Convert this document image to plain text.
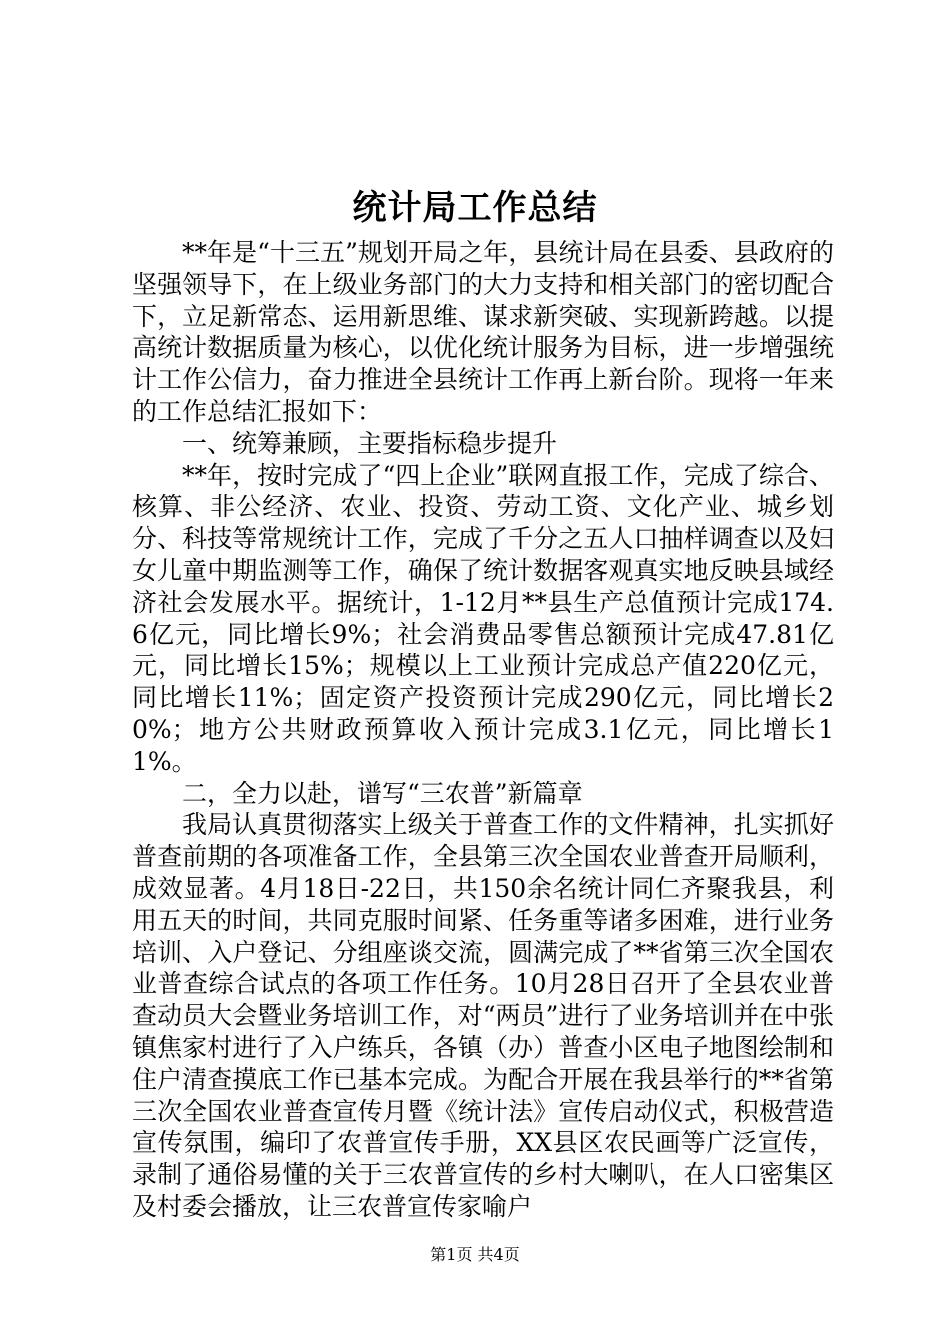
统计局工作总结

**年是“十三五”规划开局之年，县统计局在县委、县政府的坚强领导下，在上级业务部门的大力支持和相关部门的密切配合下，立足新常态、运用新思维、谋求新突破、实现新跨越。以提高统计数据质量为核心，以优化统计服务为目标，进一步增强统计工作公信力，奋力推进全县统计工作再上新台阶。现将一年来的工作总结汇报如下：

一、统筹兼顾，主要指标稳步提升

**年，按时完成了“四上企业”联网直报工作，完成了综合、核算、非公经济、农业、投资、劳动工资、文化产业、城乡划分、科技等常规统计工作，完成了千分之五人口抽样调查以及妇女儿童中期监测等工作，确保了统计数据客观真实地反映县域经济社会发展水平。据统计，1-12月**县生产总值预计完成174.6亿元，同比增长9%；社会消费品零售总额预计完成47.81亿元，同比增长15%；规模以上工业预计完成总产值220亿元，同比增长11%；固定资产投资预计完成290亿元，同比增长20%；地方公共财政预算收入预计完成3.1亿元，同比增长11%。

二，全力以赴，谱写“三农普”新篇章

我局认真贯彻落实上级关于普查工作的文件精神，扎实抓好普查前期的各项准备工作，全县第三次全国农业普查开局顺利，成效显著。4月18日-22日，共150余名统计同仁齐聚我县，利用五天的时间，共同克服时间紧、任务重等诸多困难，进行业务培训、入户登记、分组座谈交流，圆满完成了**省第三次全国农业普查综合试点的各项工作任务。10月28日召开了全县农业普查动员大会暨业务培训工作，对“两员”进行了业务培训并在中张镇焦家村进行了入户练兵，各镇（办）普查小区电子地图绘制和住户清查摸底工作已基本完成。为配合开展在我县举行的**省第三次全国农业普查宣传月暨《统计法》宣传启动仪式，积极营造宣传氛围，编印了农普宣传手册，XX县区农民画等广泛宣传，录制了通俗易懂的关于三农普宣传的乡村大喇叭，在人口密集区及村委会播放，让三农普宣传家喻户

第1页 共4页
